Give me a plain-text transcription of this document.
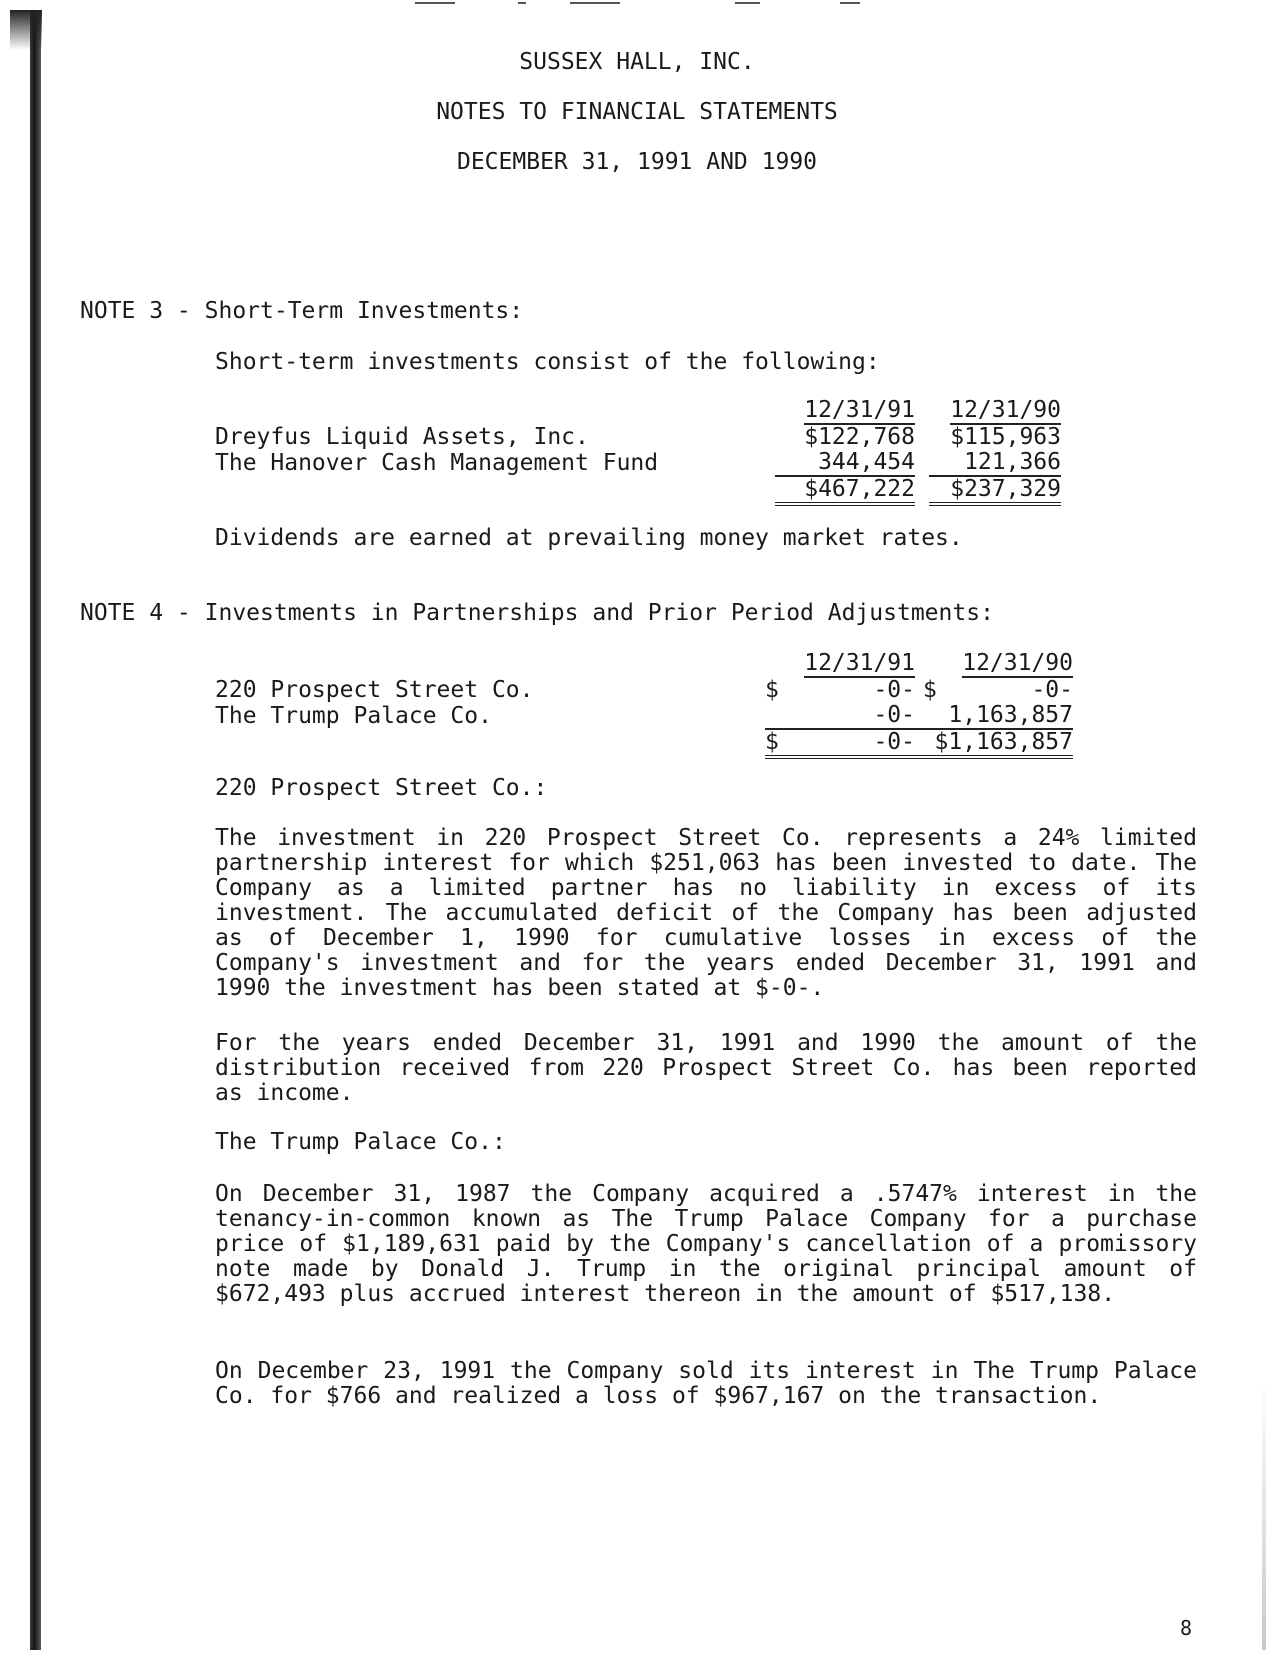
SUSSEX HALL, INC.
NOTES TO FINANCIAL STATEMENTS
DECEMBER 31, 1991 AND 1990
NOTE 3 - Short-Term Investments:
Short-term investments consist of the following:
	12/31/91		12/31/90
Dreyfus Liquid Assets, Inc.	$122,768		$115,963
The Hanover Cash Management Fund	344,454		121,366
	$467,222		$237,329
Dividends are earned at prevailing money market rates.
NOTE 4 - Investments in Partnerships and Prior Period Adjustments:
	12/31/91		12/31/90	
220 Prospect Street Co.	$	-0-	$	-0-
The Trump Palace Co.		-0-		1,163,857
	$	-0-	$1,163,857	
220 Prospect Street Co.:
The investment in 220 Prospect Street Co. represents a 24% limited partnership interest for which $251,063 has been invested to date. The Company as a limited partner has no liability in excess of its investment. The accumulated deficit of the Company has been adjusted as of December 1, 1990 for cumulative losses in excess of the Company's investment and for the years ended December 31, 1991 and 1990 the investment has been stated at $-0-.
For the years ended December 31, 1991 and 1990 the amount of the distribution received from 220 Prospect Street Co. has been reported as income.
The Trump Palace Co.:
On December 31, 1987 the Company acquired a .5747% interest in the tenancy-in-common known as The Trump Palace Company for a purchase price of $1,189,631 paid by the Company's cancellation of a promissory note made by Donald J. Trump in the original principal amount of $672,493 plus accrued interest thereon in the amount of $517,138.
On December 23, 1991 the Company sold its interest in The Trump Palace Co. for $766 and realized a loss of $967,167 on the transaction.
8
